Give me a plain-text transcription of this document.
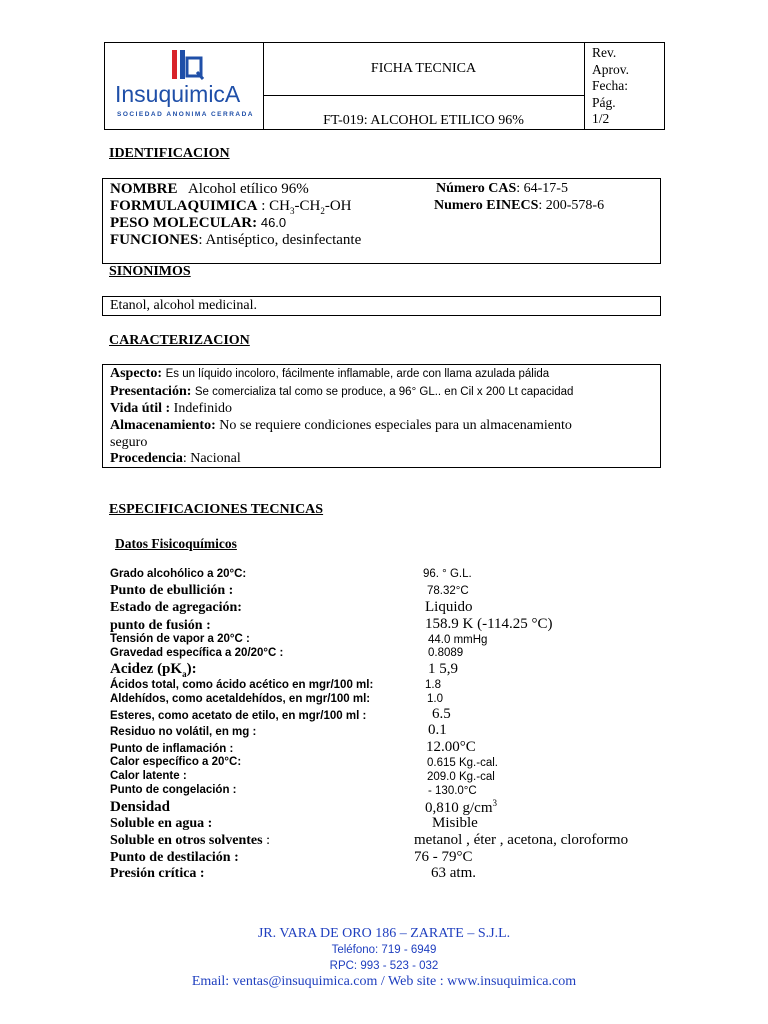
InsuquimicA
SOCIEDAD ANONIMA CERRADA
FICHA TECNICA
FT-019: ALCOHOL ETILICO 96%
Rev.
Aprov.
Fecha:
Pág.
1/2
IDENTIFICACION
NOMBRE Alcohol etílico 96%	Número CAS: 64-17-5
FORMULAQUIMICA : $CH_3-CH_2-OH$	Numero EINECS: 200-578-6
PESO MOLECULAR: 46.0
FUNCIONES: Antiséptico, desinfectante
SINONIMOS
Etanol, alcohol medicinal.
CARACTERIZACION
Aspecto: Es un líquido incoloro, fácilmente inflamable, arde con llama azulada pálida
Presentación: Se comercializa tal como se produce, a 96° GL.. en Cil x 200 Lt capacidad
Vida útil : Indefinido
Almacenamiento: No se requiere condiciones especiales para un almacenamiento
seguro
Procedencia: Nacional
ESPECIFICACIONES TECNICAS
Datos Fisicoquímicos
Grado alcohólico a 20°C:	96. ° G.L.
Punto de ebullición :	78.32°C
Estado de agregación:	Liquido
punto de fusión :	158.9 K (-114.25 °C)
Tensión de vapor a 20°C :	44.0 mmHg
Gravedad específica a 20/20°C :	0.8089
Acidez $(pK_a)$:	1 5,9
Ácidos total, como ácido acético en mgr/100 ml:	1.8
Aldehídos, como acetaldehídos, en mgr/100 ml:	1.0
Esteres, como acetato de etilo, en mgr/100 ml :	6.5
Residuo no volátil, en mg :	0.1
Punto de inflamación :	12.00°C
Calor específico a 20°C:	0.615 Kg.-cal.
Calor latente :	209.0 Kg.-cal
Punto de congelación :	- 130.0°C
Densidad	0,810 $g/cm^3$
Soluble en agua :	Misible
Soluble en otros solventes :	metanol , éter , acetona, cloroformo
Punto de destilación :	76 - 79°C
Presión crítica :	63 atm.
JR. VARA DE ORO 186 – ZARATE – S.J.L.
Teléfono: 719 - 6949
RPC: 993 - 523 - 032
Email: ventas@insuquimica.com / Web site : www.insuquimica.com
